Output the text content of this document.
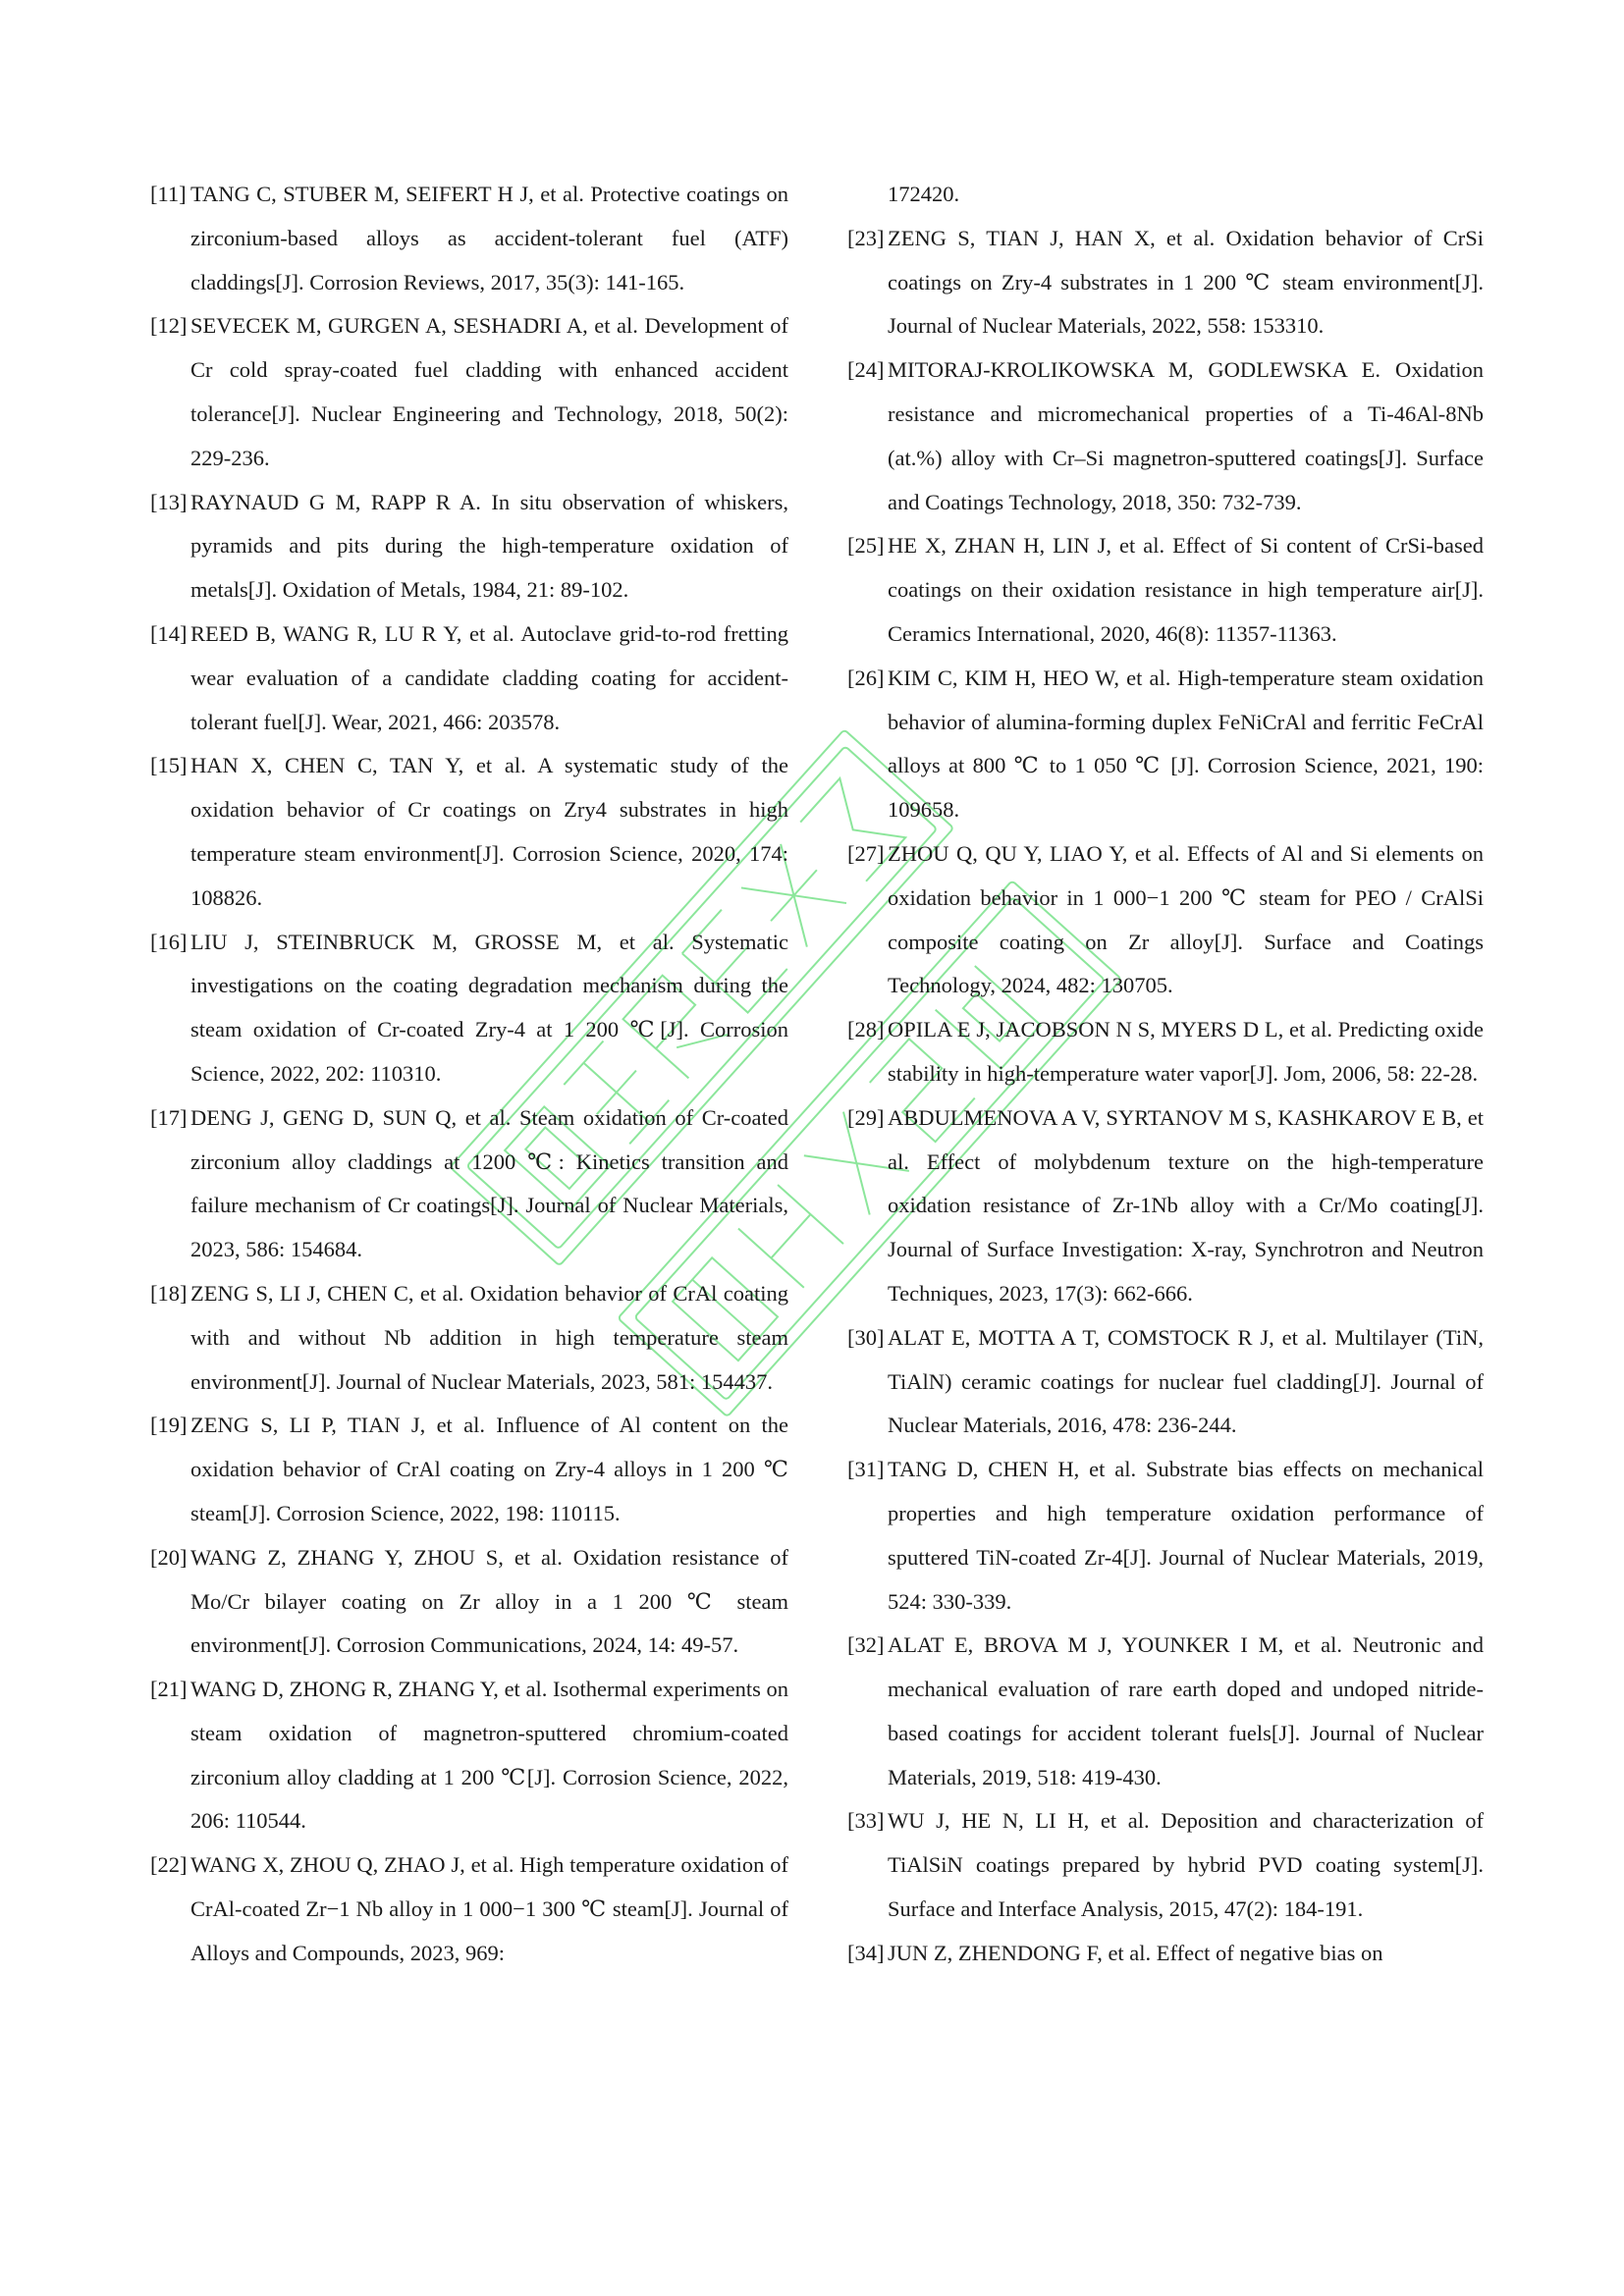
[11] TANG C, STUBER M, SEIFERT H J, et al. Protective coatings on zirconium-based alloys as accident-tolerant fuel (ATF) claddings[J]. Corrosion Reviews, 2017, 35(3): 141-165.
[12] SEVECEK M, GURGEN A, SESHADRI A, et al. Development of Cr cold spray-coated fuel cladding with enhanced accident tolerance[J]. Nuclear Engineering and Technology, 2018, 50(2): 229-236.
[13] RAYNAUD G M, RAPP R A. In situ observation of whiskers, pyramids and pits during the high-temperature oxidation of metals[J]. Oxidation of Metals, 1984, 21: 89-102.
[14] REED B, WANG R, LU R Y, et al. Autoclave grid-to-rod fretting wear evaluation of a candidate cladding coating for accident-tolerant fuel[J]. Wear, 2021, 466: 203578.
[15] HAN X, CHEN C, TAN Y, et al. A systematic study of the oxidation behavior of Cr coatings on Zry4 substrates in high temperature steam environment[J]. Corrosion Science, 2020, 174: 108826.
[16] LIU J, STEINBRUCK M, GROSSE M, et al. Systematic investigations on the coating degradation mechanism during the steam oxidation of Cr-coated Zry-4 at 1 200 ℃[J]. Corrosion Science, 2022, 202: 110310.
[17] DENG J, GENG D, SUN Q, et al. Steam oxidation of Cr-coated zirconium alloy claddings at 1200 ℃: Kinetics transition and failure mechanism of Cr coatings[J]. Journal of Nuclear Materials, 2023, 586: 154684.
[18] ZENG S, LI J, CHEN C, et al. Oxidation behavior of CrAl coating with and without Nb addition in high temperature steam environment[J]. Journal of Nuclear Materials, 2023, 581: 154437.
[19] ZENG S, LI P, TIAN J, et al. Influence of Al content on the oxidation behavior of CrAl coating on Zry-4 alloys in 1 200 ℃ steam[J]. Corrosion Science, 2022, 198: 110115.
[20] WANG Z, ZHANG Y, ZHOU S, et al. Oxidation resistance of Mo/Cr bilayer coating on Zr alloy in a 1 200 ℃ steam environment[J]. Corrosion Communications, 2024, 14: 49-57.
[21] WANG D, ZHONG R, ZHANG Y, et al. Isothermal experiments on steam oxidation of magnetron-sputtered chromium-coated zirconium alloy cladding at 1 200 ℃[J]. Corrosion Science, 2022, 206: 110544.
[22] WANG X, ZHOU Q, ZHAO J, et al. High temperature oxidation of CrAl-coated Zr−1 Nb alloy in 1 000−1 300 ℃ steam[J]. Journal of Alloys and Compounds, 2023, 969:
172420.
[23] ZENG S, TIAN J, HAN X, et al. Oxidation behavior of CrSi coatings on Zry-4 substrates in 1 200 ℃ steam environment[J]. Journal of Nuclear Materials, 2022, 558: 153310.
[24] MITORAJ-KROLIKOWSKA M, GODLEWSKA E. Oxidation resistance and micromechanical properties of a Ti-46Al-8Nb (at.%) alloy with Cr–Si magnetron-sputtered coatings[J]. Surface and Coatings Technology, 2018, 350: 732-739.
[25] HE X, ZHAN H, LIN J, et al. Effect of Si content of CrSi-based coatings on their oxidation resistance in high temperature air[J]. Ceramics International, 2020, 46(8): 11357-11363.
[26] KIM C, KIM H, HEO W, et al. High-temperature steam oxidation behavior of alumina-forming duplex FeNiCrAl and ferritic FeCrAl alloys at 800 ℃ to 1 050 ℃ [J]. Corrosion Science, 2021, 190: 109658.
[27] ZHOU Q, QU Y, LIAO Y, et al. Effects of Al and Si elements on oxidation behavior in 1 000−1 200 ℃ steam for PEO / CrAlSi composite coating on Zr alloy[J]. Surface and Coatings Technology, 2024, 482: 130705.
[28] OPILA E J, JACOBSON N S, MYERS D L, et al. Predicting oxide stability in high-temperature water vapor[J]. Jom, 2006, 58: 22-28.
[29] ABDULMENOVA A V, SYRTANOV M S, KASHKAROV E B, et al. Effect of molybdenum texture on the high-temperature oxidation resistance of Zr-1Nb alloy with a Cr/Mo coating[J]. Journal of Surface Investigation: X-ray, Synchrotron and Neutron Techniques, 2023, 17(3): 662-666.
[30] ALAT E, MOTTA A T, COMSTOCK R J, et al. Multilayer (TiN, TiAlN) ceramic coatings for nuclear fuel cladding[J]. Journal of Nuclear Materials, 2016, 478: 236-244.
[31] TANG D, CHEN H, et al. Substrate bias effects on mechanical properties and high temperature oxidation performance of sputtered TiN-coated Zr-4[J]. Journal of Nuclear Materials, 2019, 524: 330-339.
[32] ALAT E, BROVA M J, YOUNKER I M, et al. Neutronic and mechanical evaluation of rare earth doped and undoped nitride-based coatings for accident tolerant fuels[J]. Journal of Nuclear Materials, 2019, 518: 419-430.
[33] WU J, HE N, LI H, et al. Deposition and characterization of TiAlSiN coatings prepared by hybrid PVD coating system[J]. Surface and Interface Analysis, 2015, 47(2): 184-191.
[34] JUN Z, ZHENDONG F, et al. Effect of negative bias on
